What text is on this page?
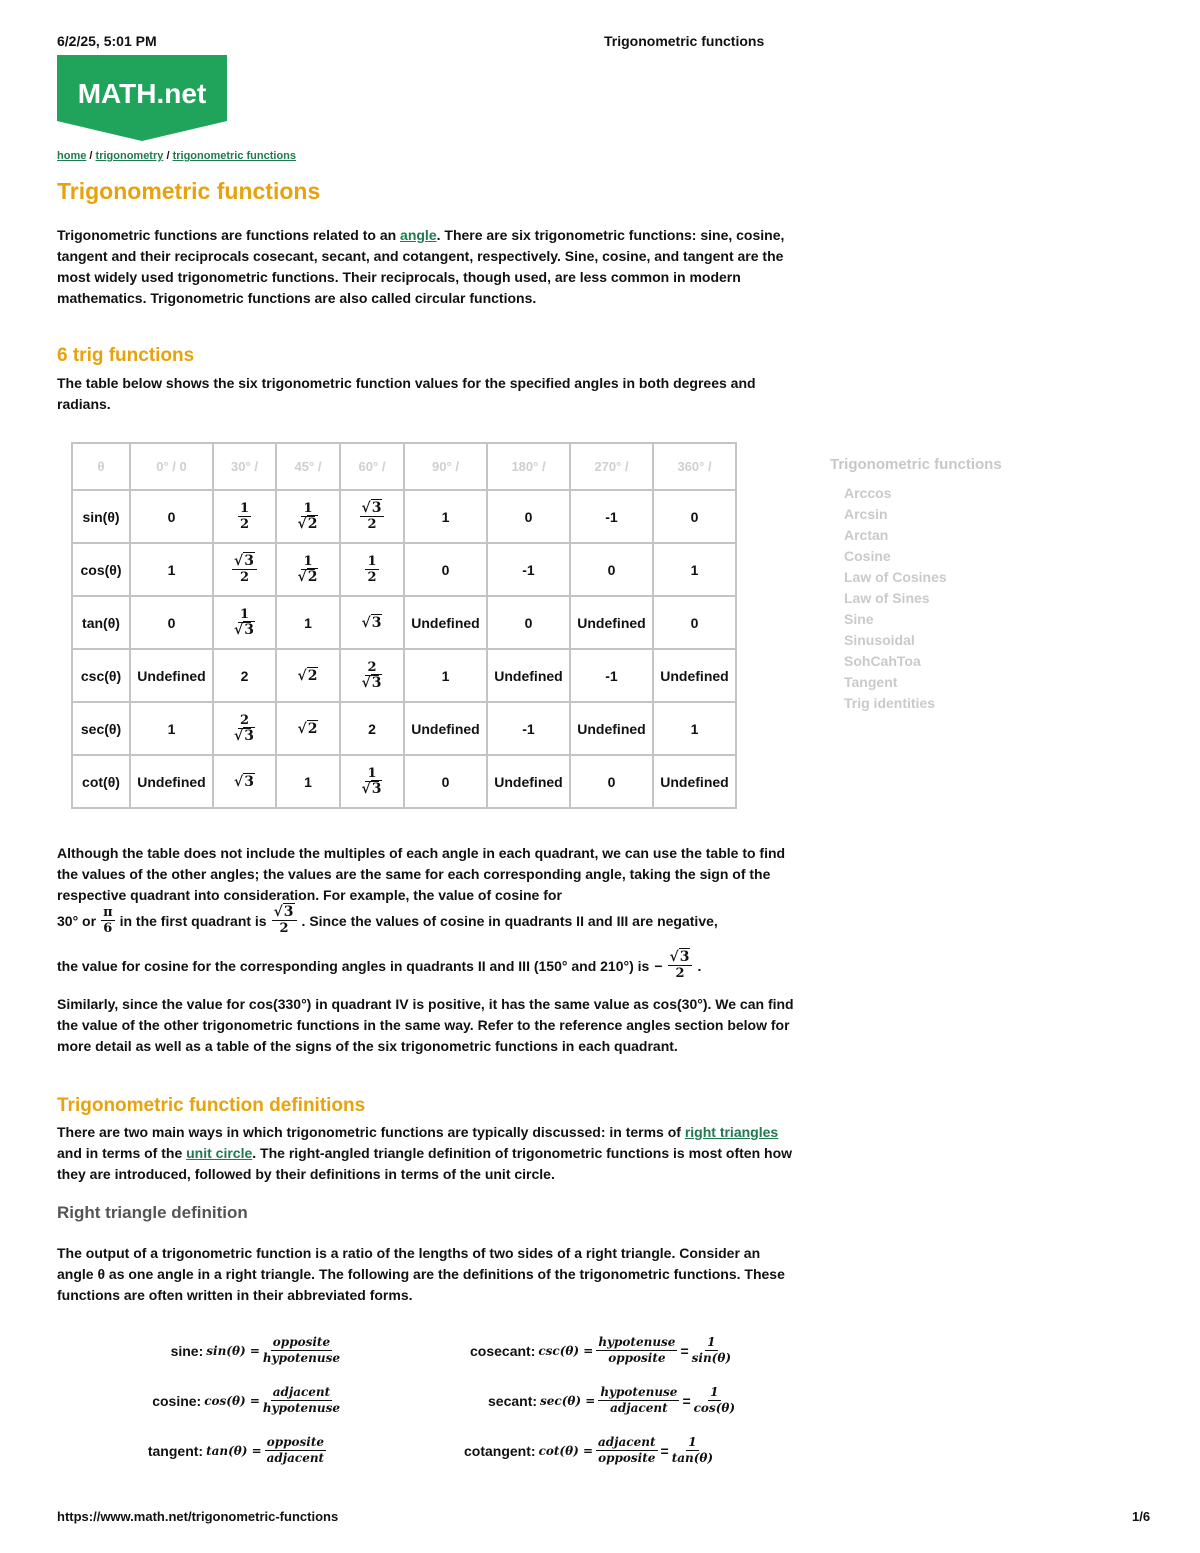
6/2/25, 5:01 PM	Trigonometric functions
MATH.net
home / trigonometry / trigonometric functions
Trigonometric functions

Trigonometric functions are functions related to an angle. There are six trigonometric functions: sine, cosine, tangent and their reciprocals cosecant, secant, and cotangent, respectively. Sine, cosine, and tangent are the most widely used trigonometric functions. Their reciprocals, though used, are less common in modern mathematics. Trigonometric functions are also called circular functions.

6 trig functions

The table below shows the six trigonometric function values for the specified angles in both degrees and radians.

θ	0° / 0	30° /	45° /	60° /	90° /	180° /	270° /	360° /
sin(θ)	0	$\frac{1}{2}$	$\frac{1}{√2}$	$\frac{√3}{2}$	1	0	-1	0
cos(θ)	1	$\frac{√3}{2}$	$\frac{1}{√2}$	$\frac{1}{2}$	0	-1	0	1
tan(θ)	0	$\frac{1}{√3}$	1	√3	Undefined	0	Undefined	0
csc(θ)	Undefined	2	√2	$\frac{2}{√3}$	1	Undefined	-1	Undefined
sec(θ)	1	$\frac{2}{√3}$	√2	2	Undefined	-1	Undefined	1
cot(θ)	Undefined	√3	1	$\frac{1}{√3}$	0	Undefined	0	Undefined
Trigonometric functions
Arccos
Arcsin
Arctan
Cosine
Law of Cosines
Law of Sines
Sine
Sinusoidal
SohCahToa
Tangent
Trig identities

Although the table does not include the multiples of each angle in each quadrant, we can use the table to find the values of the other angles; the values are the same for each corresponding angle, taking the sign of the respective quadrant into consideration. For example, the value of cosine for

30° or $\frac{\pi}{6}$ in the first quadrant is $\frac{√3}{2}$ . Since the values of cosine in quadrants II and III are negative,
the value for cosine for the corresponding angles in quadrants II and III (150° and 210°) is − $\frac{√3}{2}$ .

Similarly, since the value for cos(330°) in quadrant IV is positive, it has the same value as cos(30°). We can find the value of the other trigonometric functions in the same way. Refer to the reference angles section below for more detail as well as a table of the signs of the six trigonometric functions in each quadrant.

Trigonometric function definitions

There are two main ways in which trigonometric functions are typically discussed: in terms of right triangles and in terms of the unit circle. The right-angled triangle definition of trigonometric functions is most often how they are introduced, followed by their definitions in terms of the unit circle.

Right triangle definition

The output of a trigonometric function is a ratio of the lengths of two sides of a right triangle. Consider an angle θ as one angle in a right triangle. The following are the definitions of the trigonometric functions. These functions are often written in their abbreviated forms.

sine: $\sin(\theta) = \frac{\text{opposite}}{\text{hypotenuse}}$
cosine: $\cos(\theta) = \frac{\text{adjacent}}{\text{hypotenuse}}$
tangent: $\tan(\theta) = \frac{\text{opposite}}{\text{adjacent}}$
cosecant: $\csc(\theta) = \frac{\text{hypotenuse}}{\text{opposite}} = \frac{1}{\sin(\theta)}$
secant: $\sec(\theta) = \frac{\text{hypotenuse}}{\text{adjacent}} = \frac{1}{\cos(\theta)}$
cotangent: $\cot(\theta) = \frac{\text{adjacent}}{\text{opposite}} = \frac{1}{\tan(\theta)}$
https://www.math.net/trigonometric-functions	1/6
